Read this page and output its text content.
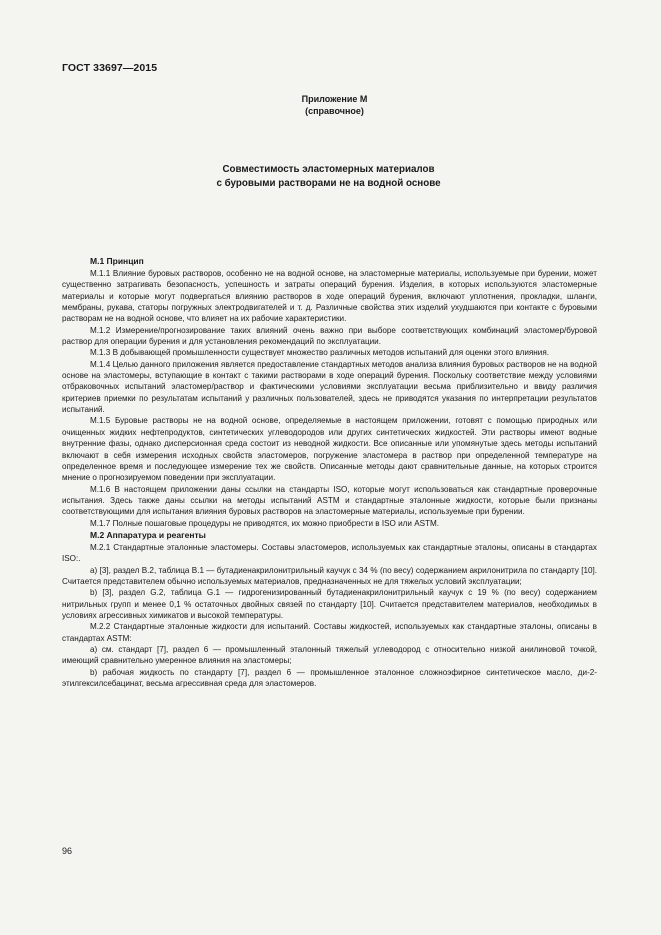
ГОСТ 33697—2015
Приложение М
(справочное)
Совместимость эластомерных материалов
с буровыми растворами не на водной основе
М.1 Принцип

М.1.1 Влияние буровых растворов, особенно не на водной основе, на эластомерные материалы, используемые при бурении, может существенно затрагивать безопасность, успешность и затраты операций бурения. Изделия, в которых используются эластомерные материалы и которые могут подвергаться влиянию растворов в ходе операций бурения, включают уплотнения, прокладки, шланги, мембраны, рукава, статоры погружных электродвигателей и т. д. Различные свойства этих изделий ухудшаются при контакте с буровыми растворам не на водной основе, что влияет на их рабочие характеристики.

М.1.2 Измерение/прогнозирование таких влияний очень важно при выборе соответствующих комбинаций эластомер/буровой раствор для операции бурения и для установления рекомендаций по эксплуатации.

М.1.3 В добывающей промышленности существует множество различных методов испытаний для оценки этого влияния.

М.1.4 Целью данного приложения является предоставление стандартных методов анализа влияния буровых растворов не на водной основе на эластомеры, вступающие в контакт с такими растворами в ходе операций бурения. Поскольку соответствие между условиями отбраковочных испытаний эластомер/раствор и фактическими условиями эксплуатации весьма приблизительно и ввиду различия критериев приемки по результатам испытаний у различных пользователей, здесь не приводятся указания по интерпретации результатов испытаний.

М.1.5 Буровые растворы не на водной основе, определяемые в настоящем приложении, готовят с помощью природных или очищенных жидких нефтепродуктов, синтетических углеводородов или других синтетических жидкостей. Эти растворы имеют водные внутренние фазы, однако дисперсионная среда состоит из неводной жидкости. Все описанные или упомянутые здесь методы испытаний включают в себя измерения исходных свойств эластомеров, погружение эластомера в раствор при определенной температуре на определенное время и последующее измерение тех же свойств. Описанные методы дают сравнительные данные, на которых строится мнение о прогнозируемом поведении при эксплуатации.

М.1.6 В настоящем приложении даны ссылки на стандарты ISO, которые могут использоваться как стандартные проверочные испытания. Здесь также даны ссылки на методы испытаний ASTM и стандартные эталонные жидкости, которые были признаны соответствующими для испытания влияния буровых растворов на эластомерные материалы, используемые при бурении.

М.1.7 Полные пошаговые процедуры не приводятся, их можно приобрести в ISO или ASTM.

М.2 Аппаратура и реагенты

М.2.1 Стандартные эталонные эластомеры. Составы эластомеров, используемых как стандартные эталоны, описаны в стандартах ISO:.

a) [3], раздел В.2, таблица В.1 — бутадиенакрилонитрильный каучук с 34 % (по весу) содержанием акрилонитрила по стандарту [10]. Считается представителем обычно используемых материалов, предназначенных не для тяжелых условий эксплуатации;

b) [3], раздел G.2, таблица G.1 — гидрогенизированный бутадиенакрилонитрильный каучук с 19 % (по весу) содержанием нитрильных групп и менее 0,1 % остаточных двойных связей по стандарту [10]. Считается представителем материалов, необходимых в условиях агрессивных химикатов и высокой температуры.

М.2.2 Стандартные эталонные жидкости для испытаний. Составы жидкостей, используемых как стандартные эталоны, описаны в стандартах ASTM:

a) см. стандарт [7], раздел 6 — промышленный эталонный тяжелый углеводород с относительно низкой анилиновой точкой, имеющий сравнительно умеренное влияния на эластомеры;

b) рабочая жидкость по стандарту [7], раздел 6 — промышленное эталонное сложноэфирное синтетическое масло, ди-2-этилгексилсебацинат, весьма агрессивная среда для эластомеров.

96
